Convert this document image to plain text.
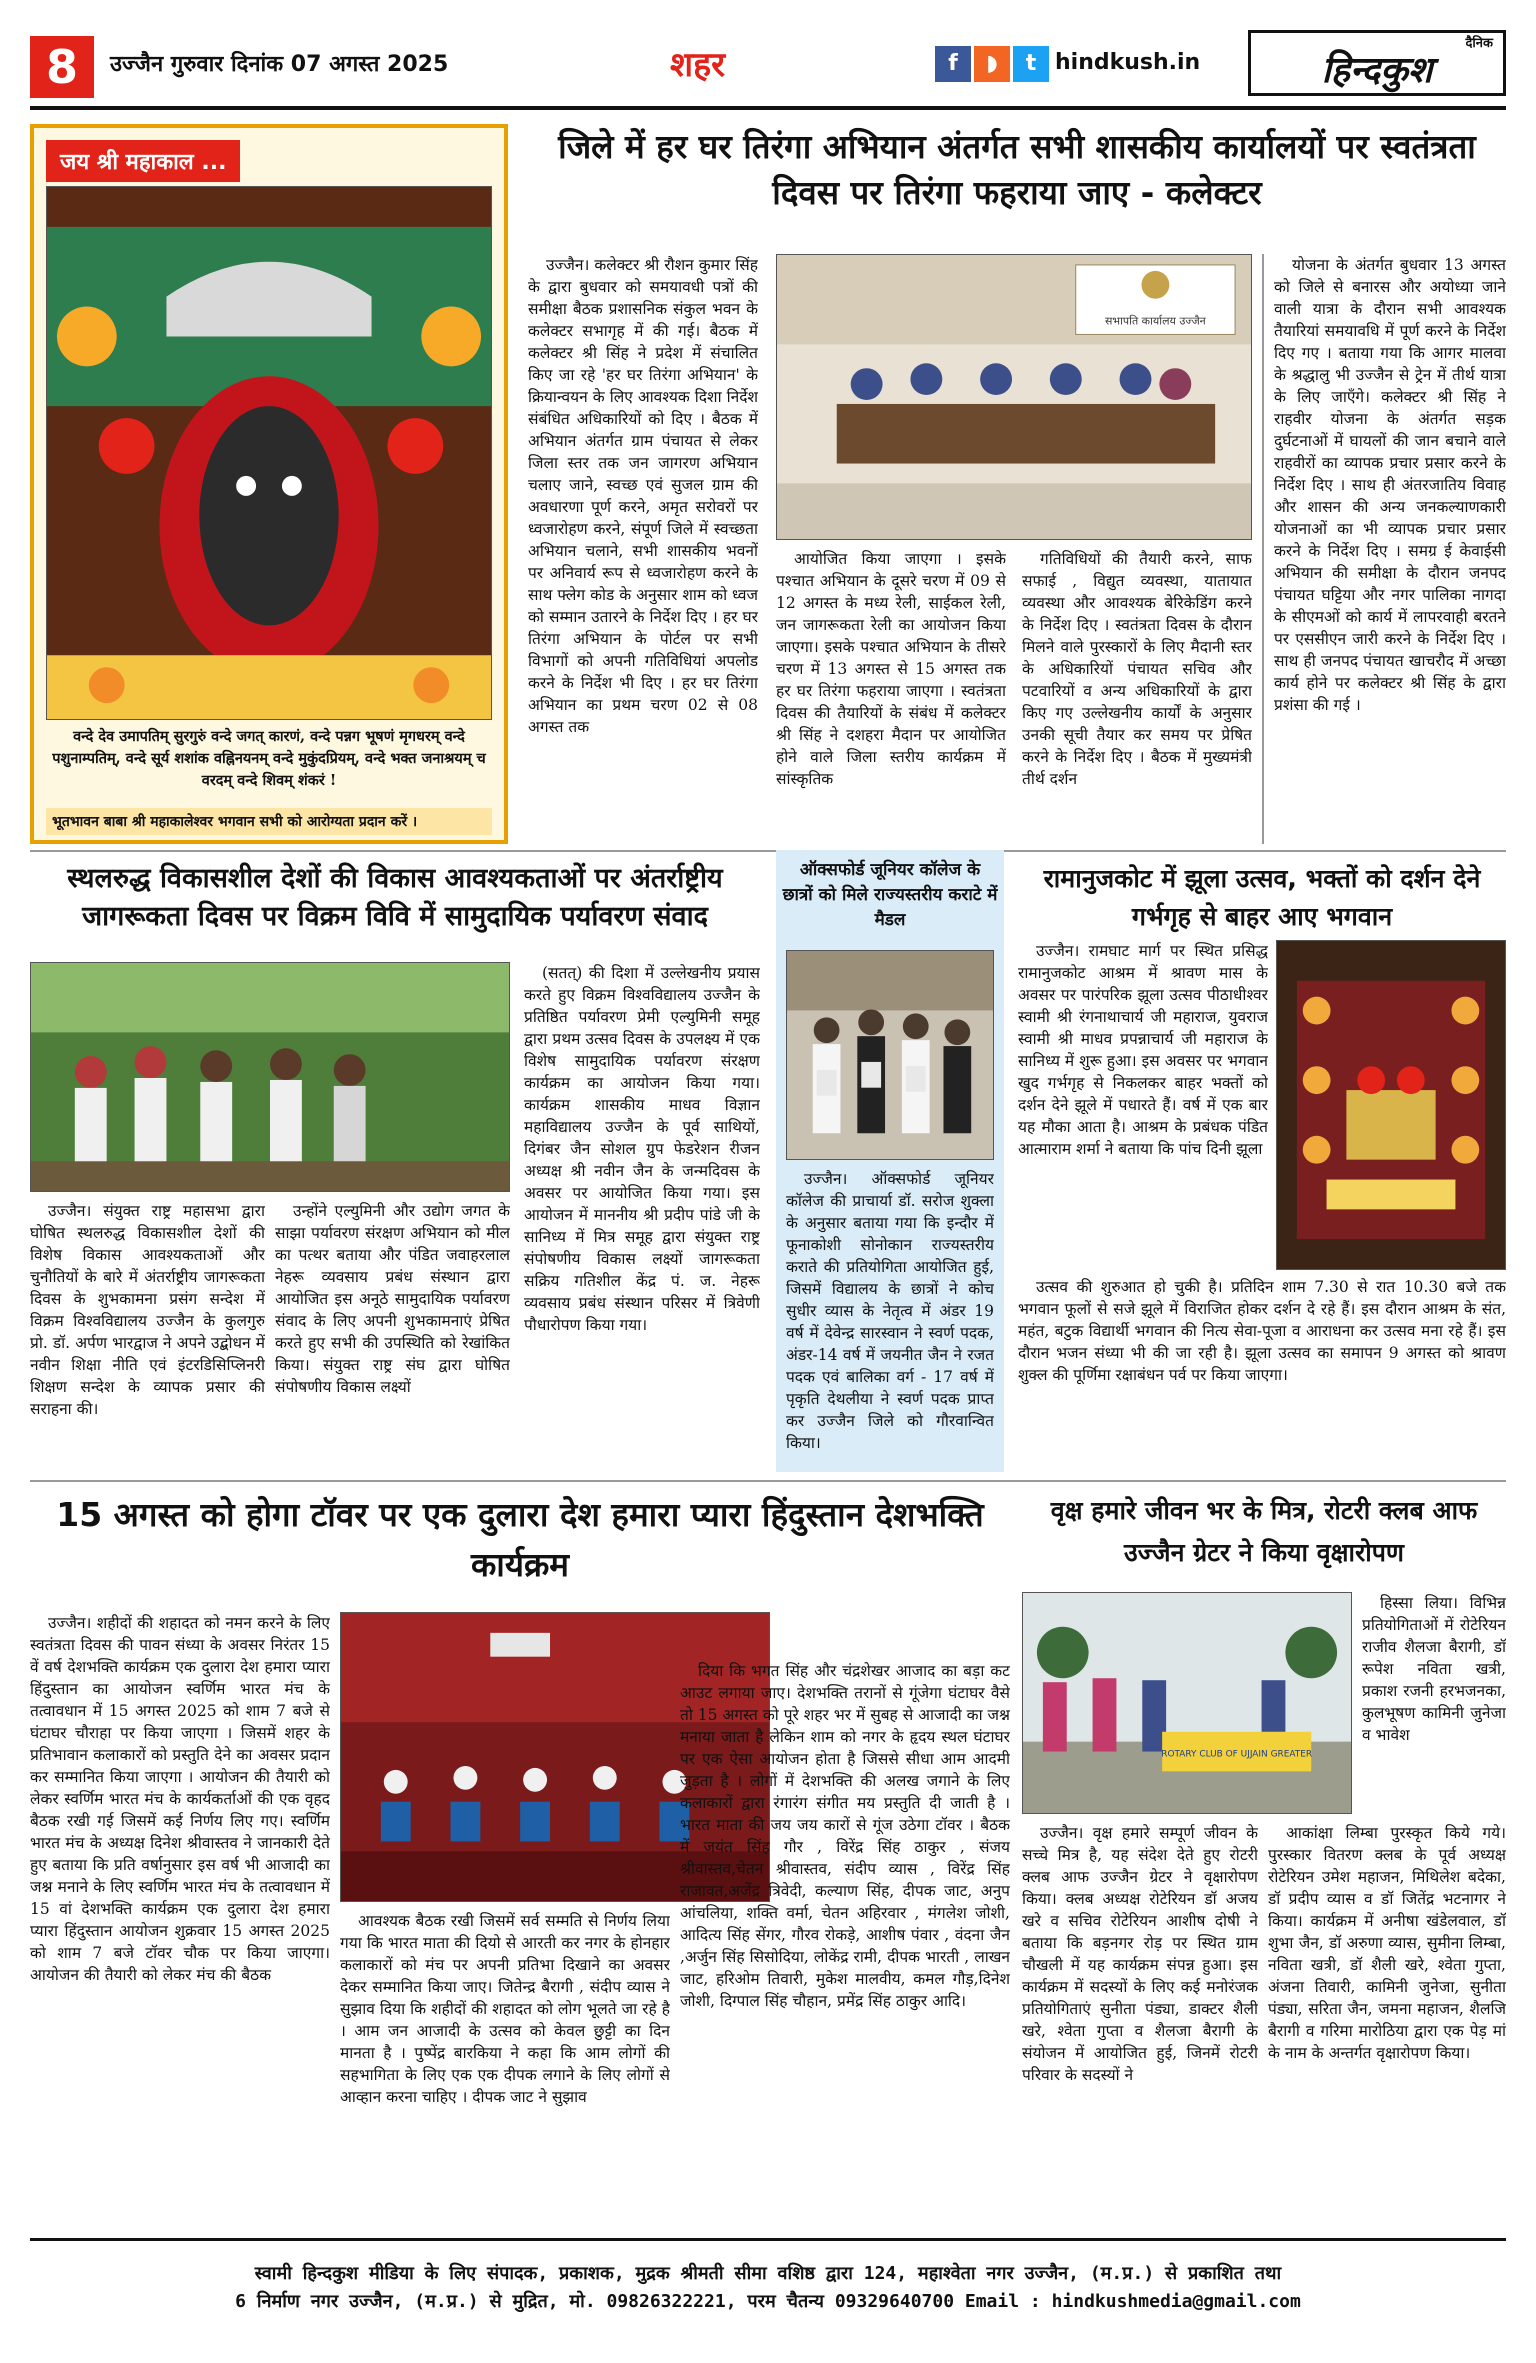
8	उज्जैन गुरुवार दिनांक 07 अगस्त 2025	शहर	f	◗	t hindkush.in
दैनिक
हिन्दकुश
जय श्री महाकाल ...
वन्दे देव उमापतिम् सुरगुरुं वन्दे जगत् कारणं, वन्दे पन्नग भूषणं मृगधरम् वन्दे पशुनाम्पतिम्, वन्दे सूर्य शशांक वह्निनयनम् वन्दे मुकुंदप्रियम्, वन्दे भक्त जनाश्रयम् च वरदम् वन्दे शिवम् शंकरं !
भूतभावन बाबा श्री महाकालेश्वर भगवान सभी को आरोग्यता प्रदान करें ।
जिले में हर घर तिरंगा अभियान अंतर्गत सभी शासकीय कार्यालयों पर स्वतंत्रता दिवस पर तिरंगा फहराया जाए - कलेक्टर

उज्जैन। कलेक्टर श्री रौशन कुमार सिंह के द्वारा बुधवार को समयावधी पत्रों की समीक्षा बैठक प्रशासनिक संकुल भवन के कलेक्टर सभागृह में की गई। बैठक में कलेक्टर श्री सिंह ने प्रदेश में संचालित किए जा रहे 'हर घर तिरंगा अभियान' के क्रियान्वयन के लिए आवश्यक दिशा निर्देश संबंधित अधिकारियों को दिए । बैठक में अभियान अंतर्गत ग्राम पंचायत से लेकर जिला स्तर तक जन जागरण अभियान चलाए जाने, स्वच्छ एवं सुजल ग्राम की अवधारणा पूर्ण करने, अमृत सरोवरों पर ध्वजारोहण करने, संपूर्ण जिले में स्वच्छता अभियान चलाने, सभी शासकीय भवनों पर अनिवार्य रूप से ध्वजारोहण करने के साथ फ्लेग कोड के अनुसार शाम को ध्वज को सम्मान उतारने के निर्देश दिए । हर घर तिरंगा अभियान के पोर्टल पर सभी विभागों को अपनी गतिविधियां अपलोड करने के निर्देश भी दिए । हर घर तिरंगा अभियान का प्रथम चरण 02 से 08 अगस्त तक

सभापति कार्यालय उज्जैन

आयोजित किया जाएगा । इसके पश्चात अभियान के दूसरे चरण में 09 से 12 अगस्त के मध्य रेली, साईकल रेली, जन जागरूकता रेली का आयोजन किया जाएगा। इसके पश्चात अभियान के तीसरे चरण में 13 अगस्त से 15 अगस्त तक हर घर तिरंगा फहराया जाएगा । स्वतंत्रता दिवस की तैयारियों के संबंध में कलेक्टर श्री सिंह ने दशहरा मैदान पर आयोजित होने वाले जिला स्तरीय कार्यक्रम में सांस्कृतिक

गतिविधियों की तैयारी करने, साफ सफाई , विद्युत व्यवस्था, यातायात व्यवस्था और आवश्यक बेरिकेडिंग करने के निर्देश दिए । स्वतंत्रता दिवस के दौरान मिलने वाले पुरस्कारों के लिए मैदानी स्तर के अधिकारियों पंचायत सचिव और पटवारियों व अन्य अधिकारियों के द्वारा किए गए उल्लेखनीय कार्यों के अनुसार उनकी सूची तैयार कर समय पर प्रेषित करने के निर्देश दिए । बैठक में मुख्यमंत्री तीर्थ दर्शन

योजना के अंतर्गत बुधवार 13 अगस्त को जिले से बनारस और अयोध्या जाने वाली यात्रा के दौरान सभी आवश्यक तैयारियां समयावधि में पूर्ण करने के निर्देश दिए गए । बताया गया कि आगर मालवा के श्रद्धालु भी उज्जैन से ट्रेन में तीर्थ यात्रा के लिए जाएँगे। कलेक्टर श्री सिंह ने राहवीर योजना के अंतर्गत सड़क दुर्घटनाओं में घायलों की जान बचाने वाले राहवीरों का व्यापक प्रचार प्रसार करने के निर्देश दिए । साथ ही अंतरजातिय विवाह और शासन की अन्य जनकल्याणकारी योजनाओं का भी व्यापक प्रचार प्रसार करने के निर्देश दिए । समग्र ई केवाईसी अभियान की समीक्षा के दौरान जनपद पंचायत घट्टिया और नगर पालिका नागदा के सीएमओं को कार्य में लापरवाही बरतने पर एससीएन जारी करने के निर्देश दिए । साथ ही जनपद पंचायत खाचरौद में अच्छा कार्य होने पर कलेक्टर श्री सिंह के द्वारा प्रशंसा की गई ।

स्थलरुद्ध विकासशील देशों की विकास आवश्यकताओं पर अंतर्राष्ट्रीय जागरूकता दिवस पर विक्रम विवि में सामुदायिक पर्यावरण संवाद

उज्जैन। संयुक्त राष्ट्र महासभा द्वारा घोषित स्थलरुद्ध विकासशील देशों की विशेष विकास आवश्यकताओं और चुनौतियों के बारे में अंतर्राष्ट्रीय जागरूकता दिवस के शुभकामना प्रसंग सन्देश में विक्रम विश्वविद्यालय उज्जैन के कुलगुरु प्रो. डॉ. अर्पण भारद्वाज ने अपने उद्बोधन में नवीन शिक्षा नीति एवं इंटरडिसिप्लिनरी शिक्षण सन्देश के व्यापक प्रसार की सराहना की।

उन्होंने एल्युमिनी और उद्योग जगत के साझा पर्यावरण संरक्षण अभियान को मील का पत्थर बताया और पंडित जवाहरलाल नेहरू व्यवसाय प्रबंध संस्थान द्वारा आयोजित इस अनूठे सामुदायिक पर्यावरण संवाद के लिए अपनी शुभकामनाएं प्रेषित करते हुए सभी की उपस्थिति को रेखांकित किया। संयुक्त राष्ट्र संघ द्वारा घोषित संपोषणीय विकास लक्ष्यों

(सतत्) की दिशा में उल्लेखनीय प्रयास करते हुए विक्रम विश्वविद्यालय उज्जैन के प्रतिष्ठित पर्यावरण प्रेमी एल्युमिनी समूह द्वारा प्रथम उत्सव दिवस के उपलक्ष्य में एक विशेष सामुदायिक पर्यावरण संरक्षण कार्यक्रम का आयोजन किया गया। कार्यक्रम शासकीय माधव विज्ञान महाविद्यालय उज्जैन के पूर्व साथियों, दिगंबर जैन सोशल ग्रुप फेडरेशन रीजन अध्यक्ष श्री नवीन जैन के जन्मदिवस के अवसर पर आयोजित किया गया। इस आयोजन में माननीय श्री प्रदीप पांडे जी के सानिध्य में मित्र समूह द्वारा संयुक्त राष्ट्र संपोषणीय विकास लक्ष्यों जागरूकता सक्रिय गतिशील केंद्र पं. ज. नेहरू व्यवसाय प्रबंध संस्थान परिसर में त्रिवेणी पौधारोपण किया गया।

ऑक्सफोर्ड जूनियर कॉलेज के छात्रों को मिले राज्यस्तरीय कराटे में मैडल

उज्जैन। ऑक्सफोर्ड जूनियर कॉलेज की प्राचार्या डॉ. सरोज शुक्ला के अनुसार बताया गया कि इन्दौर में फूनाकोशी सोनोकान राज्यस्तरीय कराते की प्रतियोगिता आयोजित हुई, जिसमें विद्यालय के छात्रों ने कोच सुधीर व्यास के नेतृत्व में अंडर 19 वर्ष में देवेन्द्र सारस्वान ने स्वर्ण पदक, अंडर-14 वर्ष में जयनीत जैन ने रजत पदक एवं बालिका वर्ग - 17 वर्ष में पृकृति देथलीया ने स्वर्ण पदक प्राप्त कर उज्जैन जिले को गौरवान्वित किया।

रामानुजकोट में झूला उत्सव, भक्तों को दर्शन देने गर्भगृह से बाहर आए भगवान

उज्जैन। रामघाट मार्ग पर स्थित प्रसिद्ध रामानुजकोट आश्रम में श्रावण मास के अवसर पर पारंपरिक झूला उत्सव पीठाधीश्वर स्वामी श्री रंगनाथाचार्य जी महाराज, युवराज स्वामी श्री माधव प्रपन्नाचार्य जी महाराज के सानिध्य में शुरू हुआ। इस अवसर पर भगवान खुद गर्भगृह से निकलकर बाहर भक्तों को दर्शन देने झूले में पधारते हैं। वर्ष में एक बार यह मौका आता है। आश्रम के प्रबंधक पंडित आत्माराम शर्मा ने बताया कि पांच दिनी झूला

उत्सव की शुरुआत हो चुकी है। प्रतिदिन शाम 7.30 से रात 10.30 बजे तक भगवान फूलों से सजे झूले में विराजित होकर दर्शन दे रहे हैं। इस दौरान आश्रम के संत, महंत, बटुक विद्यार्थी भगवान की नित्य सेवा-पूजा व आराधना कर उत्सव मना रहे हैं। इस दौरान भजन संध्या भी की जा रही है। झूला उत्सव का समापन 9 अगस्त को श्रावण शुक्ल की पूर्णिमा रक्षाबंधन पर्व पर किया जाएगा।

15 अगस्त को होगा टॉवर पर एक दुलारा देश हमारा प्यारा हिंदुस्तान देशभक्ति कार्यक्रम

उज्जैन। शहीदों की शहादत को नमन करने के लिए स्वतंत्रता दिवस की पावन संध्या के अवसर निरंतर 15 वें वर्ष देशभक्ति कार्यक्रम एक दुलारा देश हमारा प्यारा हिंदुस्तान का आयोजन स्वर्णिम भारत मंच के तत्वावधान में 15 अगस्त 2025 को शाम 7 बजे से घंटाघर चौराहा पर किया जाएगा । जिसमें शहर के प्रतिभावान कलाकारों को प्रस्तुति देने का अवसर प्रदान कर सम्मानित किया जाएगा । आयोजन की तैयारी को लेकर स्वर्णिम भारत मंच के कार्यकर्ताओं की एक वृहद बैठक रखी गई जिसमें कई निर्णय लिए गए। स्वर्णिम भारत मंच के अध्यक्ष दिनेश श्रीवास्तव ने जानकारी देते हुए बताया कि प्रति वर्षानुसार इस वर्ष भी आजादी का जश्न मनाने के लिए स्वर्णिम भारत मंच के तत्वावधान में 15 वां देशभक्ति कार्यक्रम एक दुलारा देश हमारा प्यारा हिंदुस्तान आयोजन शुक्रवार 15 अगस्त 2025 को शाम 7 बजे टॉवर चौक पर किया जाएगा। आयोजन की तैयारी को लेकर मंच की बैठक

आवश्यक बैठक रखी जिसमें सर्व सम्मति से निर्णय लिया गया कि भारत माता की दियो से आरती कर नगर के होनहार कलाकारों को मंच पर अपनी प्रतिभा दिखाने का अवसर देकर सम्मानित किया जाए। जितेन्द्र बैरागी , संदीप व्यास ने सुझाव दिया कि शहीदों की शहादत को लोग भूलते जा रहे है । आम जन आजादी के उत्सव को केवल छुट्टी का दिन मानता है । पुष्पेंद्र बारकिया ने कहा कि आम लोगों की सहभागिता के लिए एक एक दीपक लगाने के लिए लोगों से आव्हान करना चाहिए । दीपक जाट ने सुझाव

दिया कि भगत सिंह और चंद्रशेखर आजाद का बड़ा कट आउट लगाया जाए। देशभक्ति तरानों से गूंजेगा घंटाघर वैसे तो 15 अगस्त को पूरे शहर भर में सुबह से आजादी का जश्न मनाया जाता है लेकिन शाम को नगर के हृदय स्थल घंटाघर पर एक ऐसा आयोजन होता है जिससे सीधा आम आदमी जुड़ता है । लोगों में देशभक्ति की अलख जगाने के लिए कलाकारों द्वारा रंगारंग संगीत मय प्रस्तुति दी जाती है । भारत माता की जय जय कारों से गूंज उठेगा टॉवर । बैठक में जयंत सिंह गौर , विरेंद्र सिंह ठाकुर , संजय श्रीवास्तव,चेतन श्रीवास्तव, संदीप व्यास , विरेंद्र सिंह राजावत,अजेंद्र त्रिवेदी, कल्याण सिंह, दीपक जाट, अनुप आंचलिया, शक्ति वर्मा, चेतन अहिरवार , मंगलेश जोशी, आदित्य सिंह सेंगर, गौरव रोकड़े, आशीष पंवार , वंदना जैन ,अर्जुन सिंह सिसोदिया, लोकेंद्र रामी, दीपक भारती , लाखन जाट, हरिओम तिवारी, मुकेश मालवीय, कमल गौड़,दिनेश जोशी, दिग्पाल सिंह चौहान, प्रमेंद्र सिंह ठाकुर आदि।

वृक्ष हमारे जीवन भर के मित्र, रोटरी क्लब आफ उज्जैन ग्रेटर ने किया वृक्षारोपण
ROTARY CLUB OF UJJAIN GREATER

हिस्सा लिया। विभिन्न प्रतियोगिताओं में रोटेरियन राजीव शैलजा बैरागी, डॉ रूपेश नविता खत्री, प्रकाश रजनी हरभजनका, कुलभूषण कामिनी जुनेजा व भावेश

उज्जैन। वृक्ष हमारे सम्पूर्ण जीवन के सच्चे मित्र है, यह संदेश देते हुए रोटरी क्लब आफ उज्जैन ग्रेटर ने वृक्षारोपण किया। क्लब अध्यक्ष रोटेरियन डॉ अजय खरे व सचिव रोटेरियन आशीष दोषी ने बताया कि बड़नगर रोड़ पर स्थित ग्राम चौखली में यह कार्यक्रम संपन्न हुआ। इस कार्यक्रम में सदस्यों के लिए कई मनोरंजक प्रतियोगिताएं सुनीता पंड्या, डाक्टर शैली खरे, श्वेता गुप्ता व शैलजा बैरागी के संयोजन में आयोजित हुई, जिनमें रोटरी परिवार के सदस्यों ने

आकांक्षा लिम्बा पुरस्कृत किये गये। पुरस्कार वितरण क्लब के पूर्व अध्यक्ष रोटेरियन उमेश महाजन, मिथिलेश बदेका, डॉ प्रदीप व्यास व डॉ जितेंद्र भटनागर ने किया। कार्यक्रम में अनीषा खंडेलवाल, डॉ शुभा जैन, डॉ अरुणा व्यास, सुमीना लिम्बा, नविता खत्री, डॉ शैली खरे, श्वेता गुप्ता, अंजना तिवारी, कामिनी जुनेजा, सुनीता पंड्या, सरिता जैन, जमना महाजन, शैलजि बैरागी व गरिमा मारोठिया द्वारा एक पेड़ मां के नाम के अन्तर्गत वृक्षारोपण किया।

स्वामी हिन्दकुश मीडिया के लिए संपादक, प्रकाशक, मुद्रक श्रीमती सीमा वशिष्ठ द्वारा 124, महाश्वेता नगर उज्जैन, (म.प्र.) से प्रकाशित तथा
6 निर्माण नगर उज्जैन, (म.प्र.) से मुद्रित, मो. 09826322221, परम चैतन्य 09329640700 Email : hindkushmedia@gmail.com
